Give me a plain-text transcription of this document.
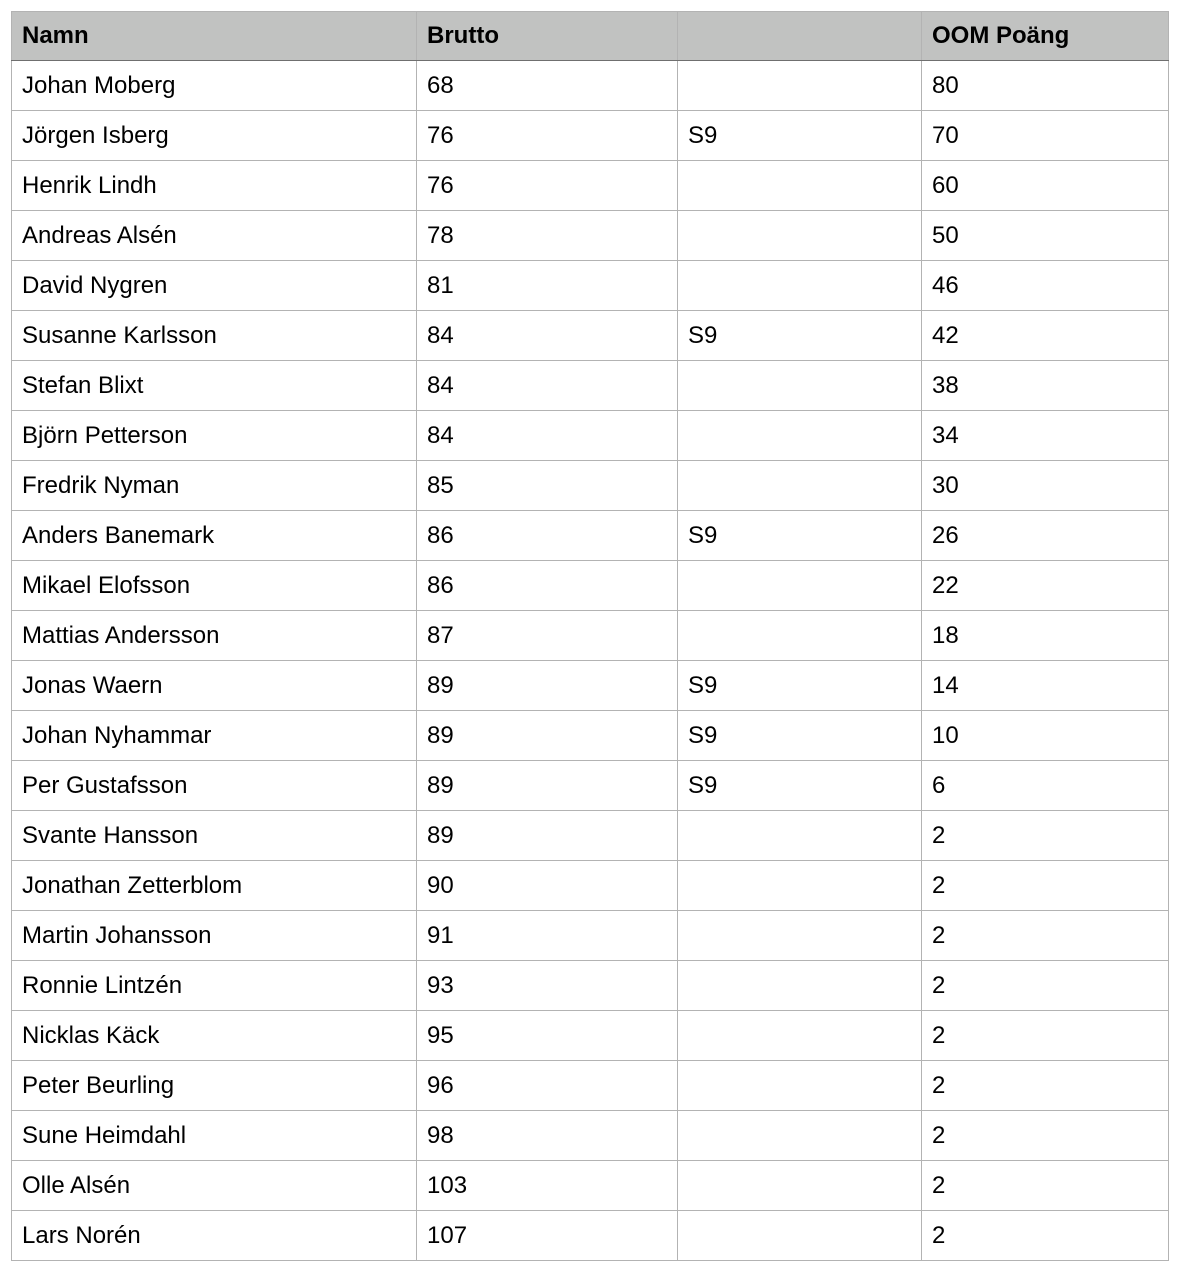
Namn	Brutto		OOM Poäng
Johan Moberg	68		80
Jörgen Isberg	76	S9	70
Henrik Lindh	76		60
Andreas Alsén	78		50
David Nygren	81		46
Susanne Karlsson	84	S9	42
Stefan Blixt	84		38
Björn Petterson	84		34
Fredrik Nyman	85		30
Anders Banemark	86	S9	26
Mikael Elofsson	86		22
Mattias Andersson	87		18
Jonas Waern	89	S9	14
Johan Nyhammar	89	S9	10
Per Gustafsson	89	S9	6
Svante Hansson	89		2
Jonathan Zetterblom	90		2
Martin Johansson	91		2
Ronnie Lintzén	93		2
Nicklas Käck	95		2
Peter Beurling	96		2
Sune Heimdahl	98		2
Olle Alsén	103		2
Lars Norén	107		2
